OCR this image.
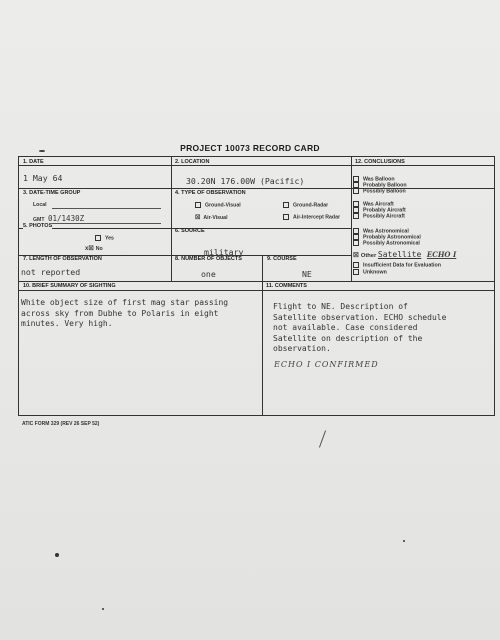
PROJECT 10073 RECORD CARD
1. DATE
1 May 64
2. LOCATION
30.20N 176.00W (Pacific)
3. DATE-TIME GROUP
Local
GMT 01/1430Z
4. TYPE OF OBSERVATION
Ground-Visual	Ground-Radar
☒ Air-Visual	Air-Intercept Radar
5. PHOTOS
Yes
x☒ No
6. SOURCE
military
7. LENGTH OF OBSERVATION
not reported
8. NUMBER OF OBJECTS
one
9. COURSE
NE
12. CONCLUSIONS
Was Balloon
Probably Balloon
Possibly Balloon
Was Aircraft
Probably Aircraft
Possibly Aircraft
Was Astronomical
Probably Astronomical
Possibly Astronomical
☒ Other Satellite ECHO I
Insufficient Data for Evaluation
Unknown
10. BRIEF SUMMARY OF SIGHTING
White object size of first mag star passing
across sky from Dubhe to Polaris in eight
minutes. Very high.
11. COMMENTS
Flight to NE. Description of
Satellite observation. ECHO schedule
not available. Case considered
Satellite on description of the
observation.
ECHO I CONFIRMED
ATIC FORM 329 (REV 26 SEP 52)
